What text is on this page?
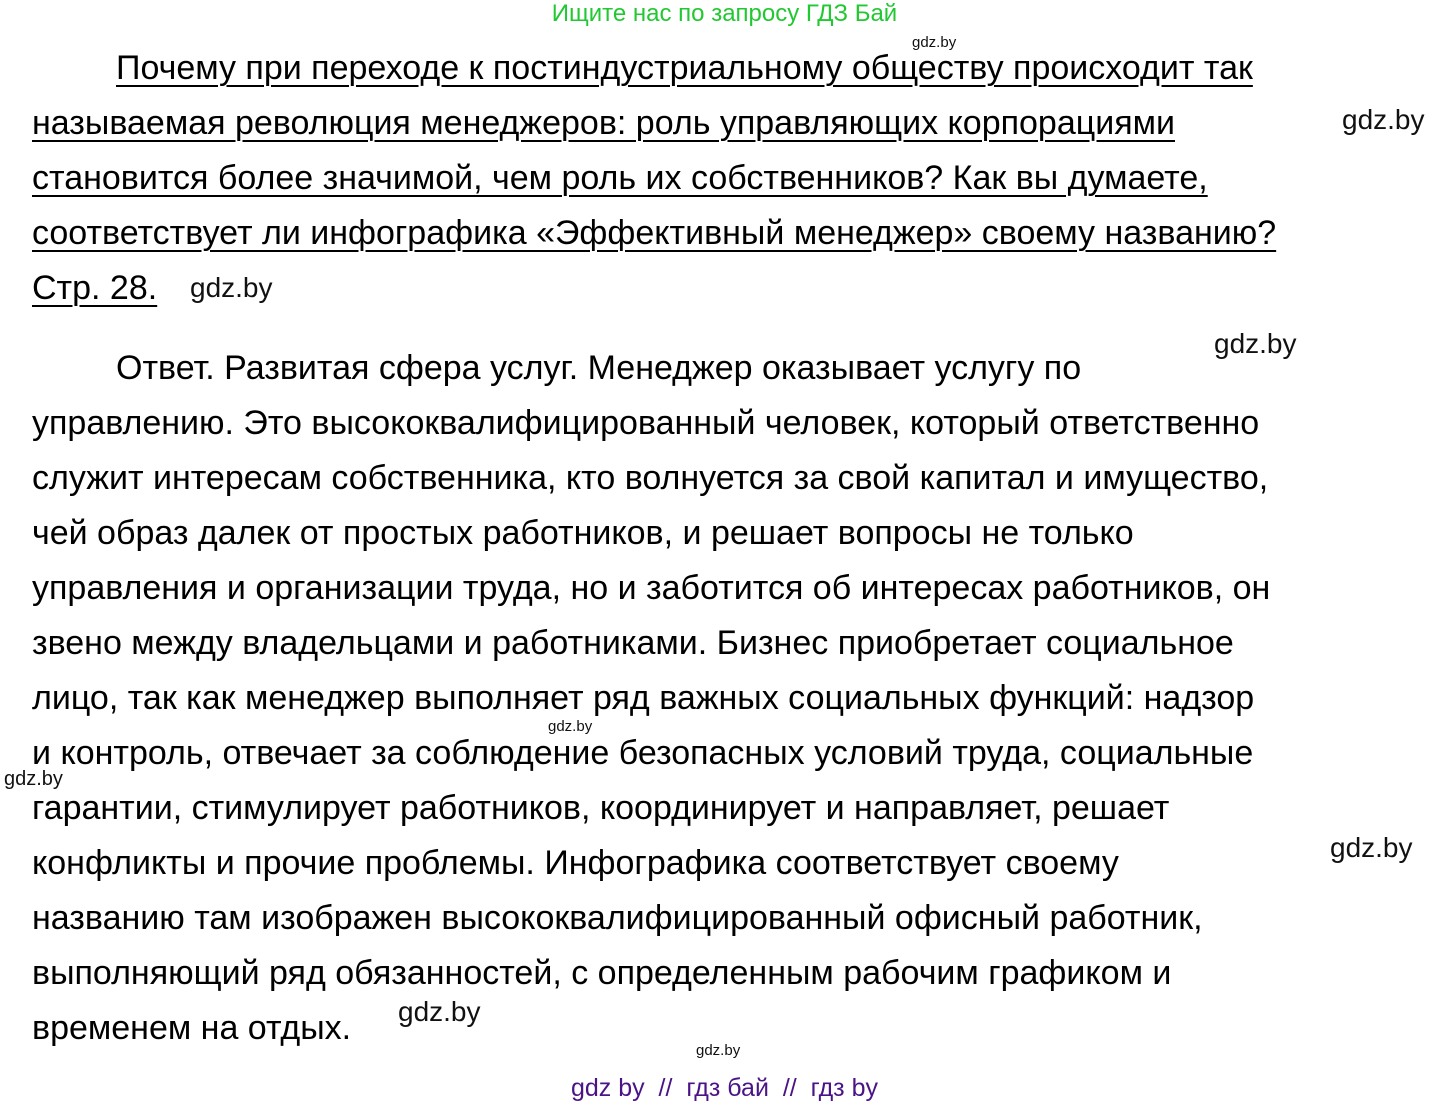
Ищите нас по запросу ГДЗ Бай
Почему при переходе к постиндустриальному обществу происходит так
называемая революция менеджеров: роль управляющих корпорациями
становится более значимой, чем роль их собственников? Как вы думаете,
соответствует ли инфографика «Эффективный менеджер» своему названию?
Стр. 28.
Ответ. Развитая сфера услуг. Менеджер оказывает услугу по
управлению. Это высококвалифицированный человек, который ответственно
служит интересам собственника, кто волнуется за свой капитал и имущество,
чей образ далек от простых работников, и решает вопросы не только
управления и организации труда, но и заботится об интересах работников, он
звено между владельцами и работниками. Бизнес приобретает социальное
лицо, так как менеджер выполняет ряд важных социальных функций: надзор
и контроль, отвечает за соблюдение безопасных условий труда, социальные
гарантии, стимулирует работников, координирует и направляет, решает
конфликты и прочие проблемы. Инфографика соответствует своему
названию там изображен высококвалифицированный офисный работник,
выполняющий ряд обязанностей, с определенным рабочим графиком и
временем на отдых.
gdz.by
gdz.by
gdz.by
gdz.by
gdz.by
gdz.by
gdz.by
gdz.by
gdz.by
gdz by  //  гдз бай  //  гдз by
